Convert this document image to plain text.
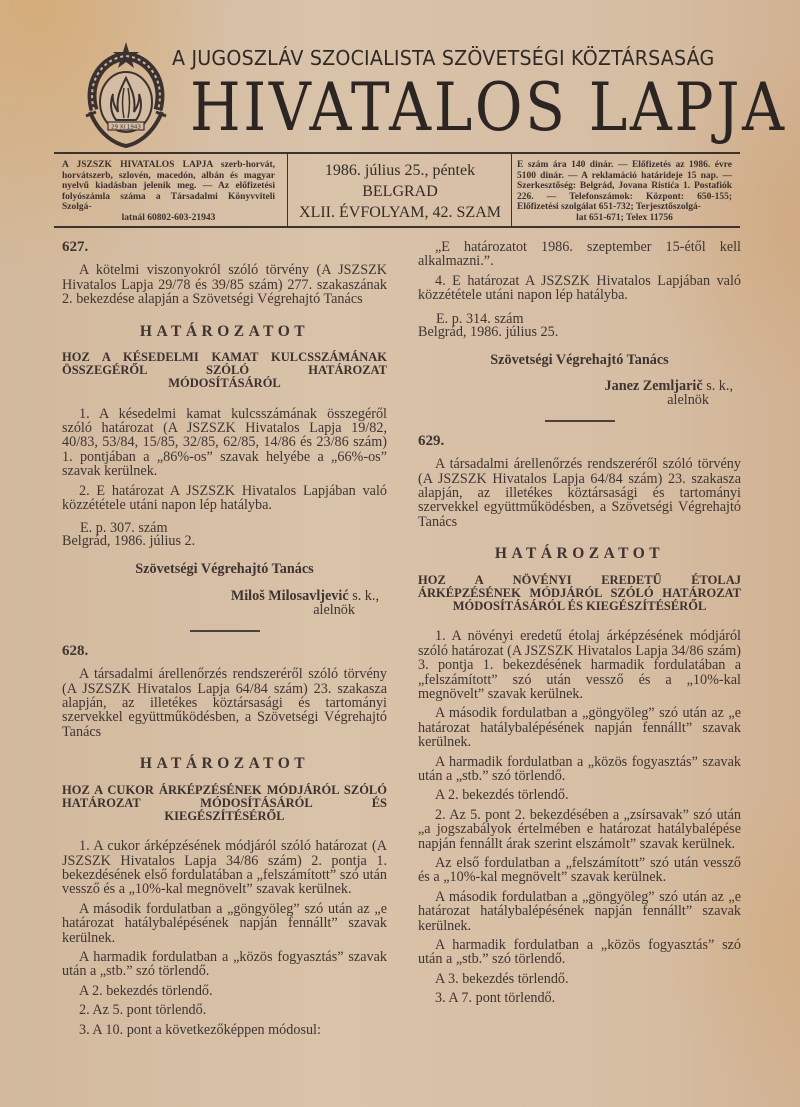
29 XI 1943
A JUGOSZLÁV SZOCIALISTA SZÖVETSÉGI KÖZTÁRSASÁG
HIVATALOS LAPJA
A JSZSZK HIVATALOS LAPJA szerb-horvát, horvátszerb, szlovén, macedón, albán és magyar nyelvű kiadásban jelenik meg. — Az előfizetési folyószámla száma a Társadalmi Könyvviteli Szolgá-
latnál 60802-603-21943
1986. július 25., péntek
BELGRAD
XLII. ÉVFOLYAM, 42. SZAM
E szám ára 140 dinár. — Előfizetés az 1986. évre 5100 dinár. — A reklamáció határideje 15 nap. — Szerkesztőség: Belgrád, Jovana Ristića 1. Postafiók 226. — Telefonszámok: Központ: 650-155; Előfizetési szolgálat 651-732; Terjesztőszolgá-
lat 651-671; Telex 11756
627.

A kötelmi viszonyokról szóló törvény (A JSZSZK Hivatalos Lapja 29/78 és 39/85 szám) 277. szakaszának 2. bekezdése alapján a Szövetségi Végrehajtó Tanács

HATÁROZATOT
HOZ A KÉSEDELMI KAMAT KULCSSZÁMÁNAK ÖSSZEGÉRŐL SZÓLÓ HATÁROZAT MÓDOSÍTÁSÁRÓL

1. A késedelmi kamat kulcsszámának összegéről szóló határozat (A JSZSZK Hivatalos Lapja 19/82, 40/83, 53/84, 15/85, 32/85, 62/85, 14/86 és 23/86 szám) 1. pontjában a „86%-os” szavak helyébe a „66%-os” szavak kerülnek.

2. E határozat A JSZSZK Hivatalos Lapjában való közzététele utáni napon lép hatályba.

E. p. 307. szám
Belgrád, 1986. július 2.
Szövetségi Végrehajtó Tanács
Miloš Milosavljević s. k.,
alelnök
628.

A társadalmi árellenőrzés rendszeréről szóló törvény (A JSZSZK Hivatalos Lapja 64/84 szám) 23. szakasza alapján, az illetékes köztársasági és tartományi szervekkel együttműködésben, a Szövetségi Végrehajtó Tanács

HATÁROZATOT
HOZ A CUKOR ÁRKÉPZÉSÉNEK MÓDJÁRÓL SZÓLÓ HATÁROZAT MÓDOSÍTÁSÁRÓL ÉS KIEGÉSZÍTÉSÉRŐL

1. A cukor árképzésének módjáról szóló határozat (A JSZSZK Hivatalos Lapja 34/86 szám) 2. pontja 1. bekezdésének első fordulatában a „felszámított” szó után vessző és a „10%-kal megnövelt” szavak kerülnek.

A második fordulatban a „göngyöleg” szó után az „e határozat hatálybalépésének napján fennállt” szavak kerülnek.

A harmadik fordulatban a „közös fogyasztás” szavak után a „stb.” szó törlendő.

A 2. bekezdés törlendő.

2. Az 5. pont törlendő.

3. A 10. pont a következőképpen módosul:

„E határozatot 1986. szeptember 15-étől kell alkalmazni.”.

4. E határozat A JSZSZK Hivatalos Lapjában való közzététele utáni napon lép hatályba.

E. p. 314. szám
Belgrád, 1986. július 25.
Szövetségi Végrehajtó Tanács
Janez Zemljarič s. k.,
alelnök
629.

A társadalmi árellenőrzés rendszeréről szóló törvény (A JSZSZK Hivatalos Lapja 64/84 szám) 23. szakasza alapján, az illetékes köztársasági és tartományi szervekkel együttműködésben, a Szövetségi Végrehajtó Tanács

HATÁROZATOT
HOZ A NÖVÉNYI EREDETŰ ÉTOLAJ ÁRKÉPZÉSÉNEK MÓDJÁRÓL SZÓLÓ HATÁROZAT MÓDOSÍTÁSÁRÓL ÉS KIEGÉSZÍTÉSÉRŐL

1. A növényi eredetű étolaj árképzésének módjáról szóló határozat (A JSZSZK Hivatalos Lapja 34/86 szám) 3. pontja 1. bekezdésének harmadik fordulatában a „felszámított” szó után vessző és a „10%-kal megnövelt” szavak kerülnek.

A második fordulatban a „göngyöleg” szó után az „e határozat hatálybalépésének napján fennállt” szavak kerülnek.

A harmadik fordulatban a „közös fogyasztás” szavak után a „stb.” szó törlendő.

A 2. bekezdés törlendő.

2. Az 5. pont 2. bekezdésében a „zsírsavak” szó után „a jogszabályok értelmében e határozat hatálybalépése napján fennállt árak szerint elszámolt” szavak kerülnek.

Az első fordulatban a „felszámított” szó után vessző és a „10%-kal megnövelt” szavak kerülnek.

A második fordulatban a „göngyöleg” szó után az „e határozat hatálybalépésének napján fennállt” szavak kerülnek.

A harmadik fordulatban a „közös fogyasztás” szó után a „stb.” szó törlendő.

A 3. bekezdés törlendő.

3. A 7. pont törlendő.
